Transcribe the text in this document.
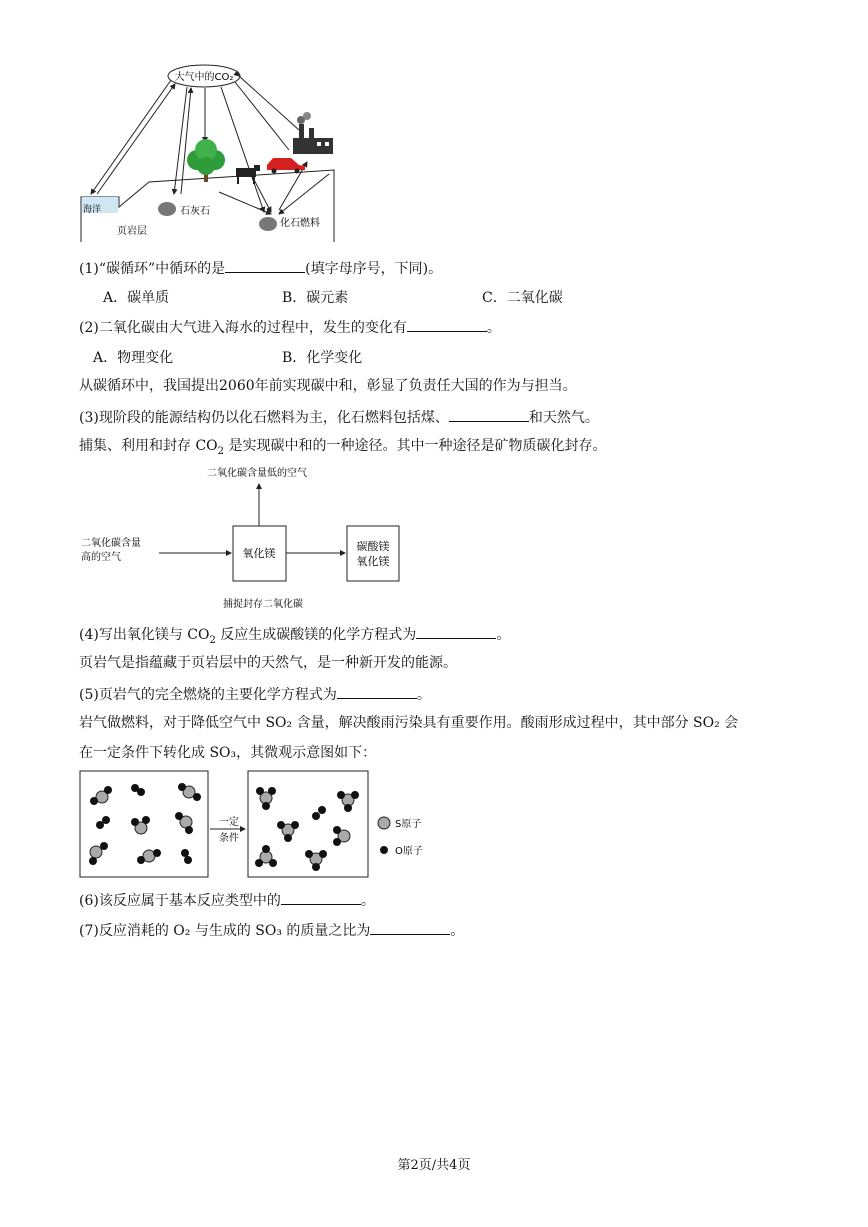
大气中的CO₂
石灰石
化石燃料
页岩层
海洋
(1)“碳循环”中循环的是	(填字母序号，下同)。
A．碳单质	B．碳元素	C．二氧化碳
(2)二氧化碳由大气进入海水的过程中，发生的变化有	。
A．物理变化	B．化学变化
从碳循环中，我国提出2060年前实现碳中和，彰显了负责任大国的作为与担当。
(3)现阶段的能源结构仍以化石燃料为主，化石燃料包括煤、	和天然气。
捕集、利用和封存 $CO_2$ 是实现碳中和的一种途径。其中一种途径是矿物质碳化封存。
二氧化碳含量低的空气
氧化镁
二氧化碳含量
高的空气
碳酸镁
氧化镁
捕捉封存二氧化碳
(4)写出氧化镁与 $CO_2$ 反应生成碳酸镁的化学方程式为	。
页岩气是指蕴藏于页岩层中的天然气，是一种新开发的能源。
(5)页岩气的完全燃烧的主要化学方程式为	。
岩气做燃料，对于降低空气中 SO₂ 含量，解决酸雨污染具有重要作用。酸雨形成过程中，其中部分 SO₂ 会
在一定条件下转化成 SO₃，其微观示意图如下：
一定
条件
S原子
O原子
(6)该反应属于基本反应类型中的	。
(7)反应消耗的 O₂ 与生成的 SO₃ 的质量之比为	。
第2页/共4页
